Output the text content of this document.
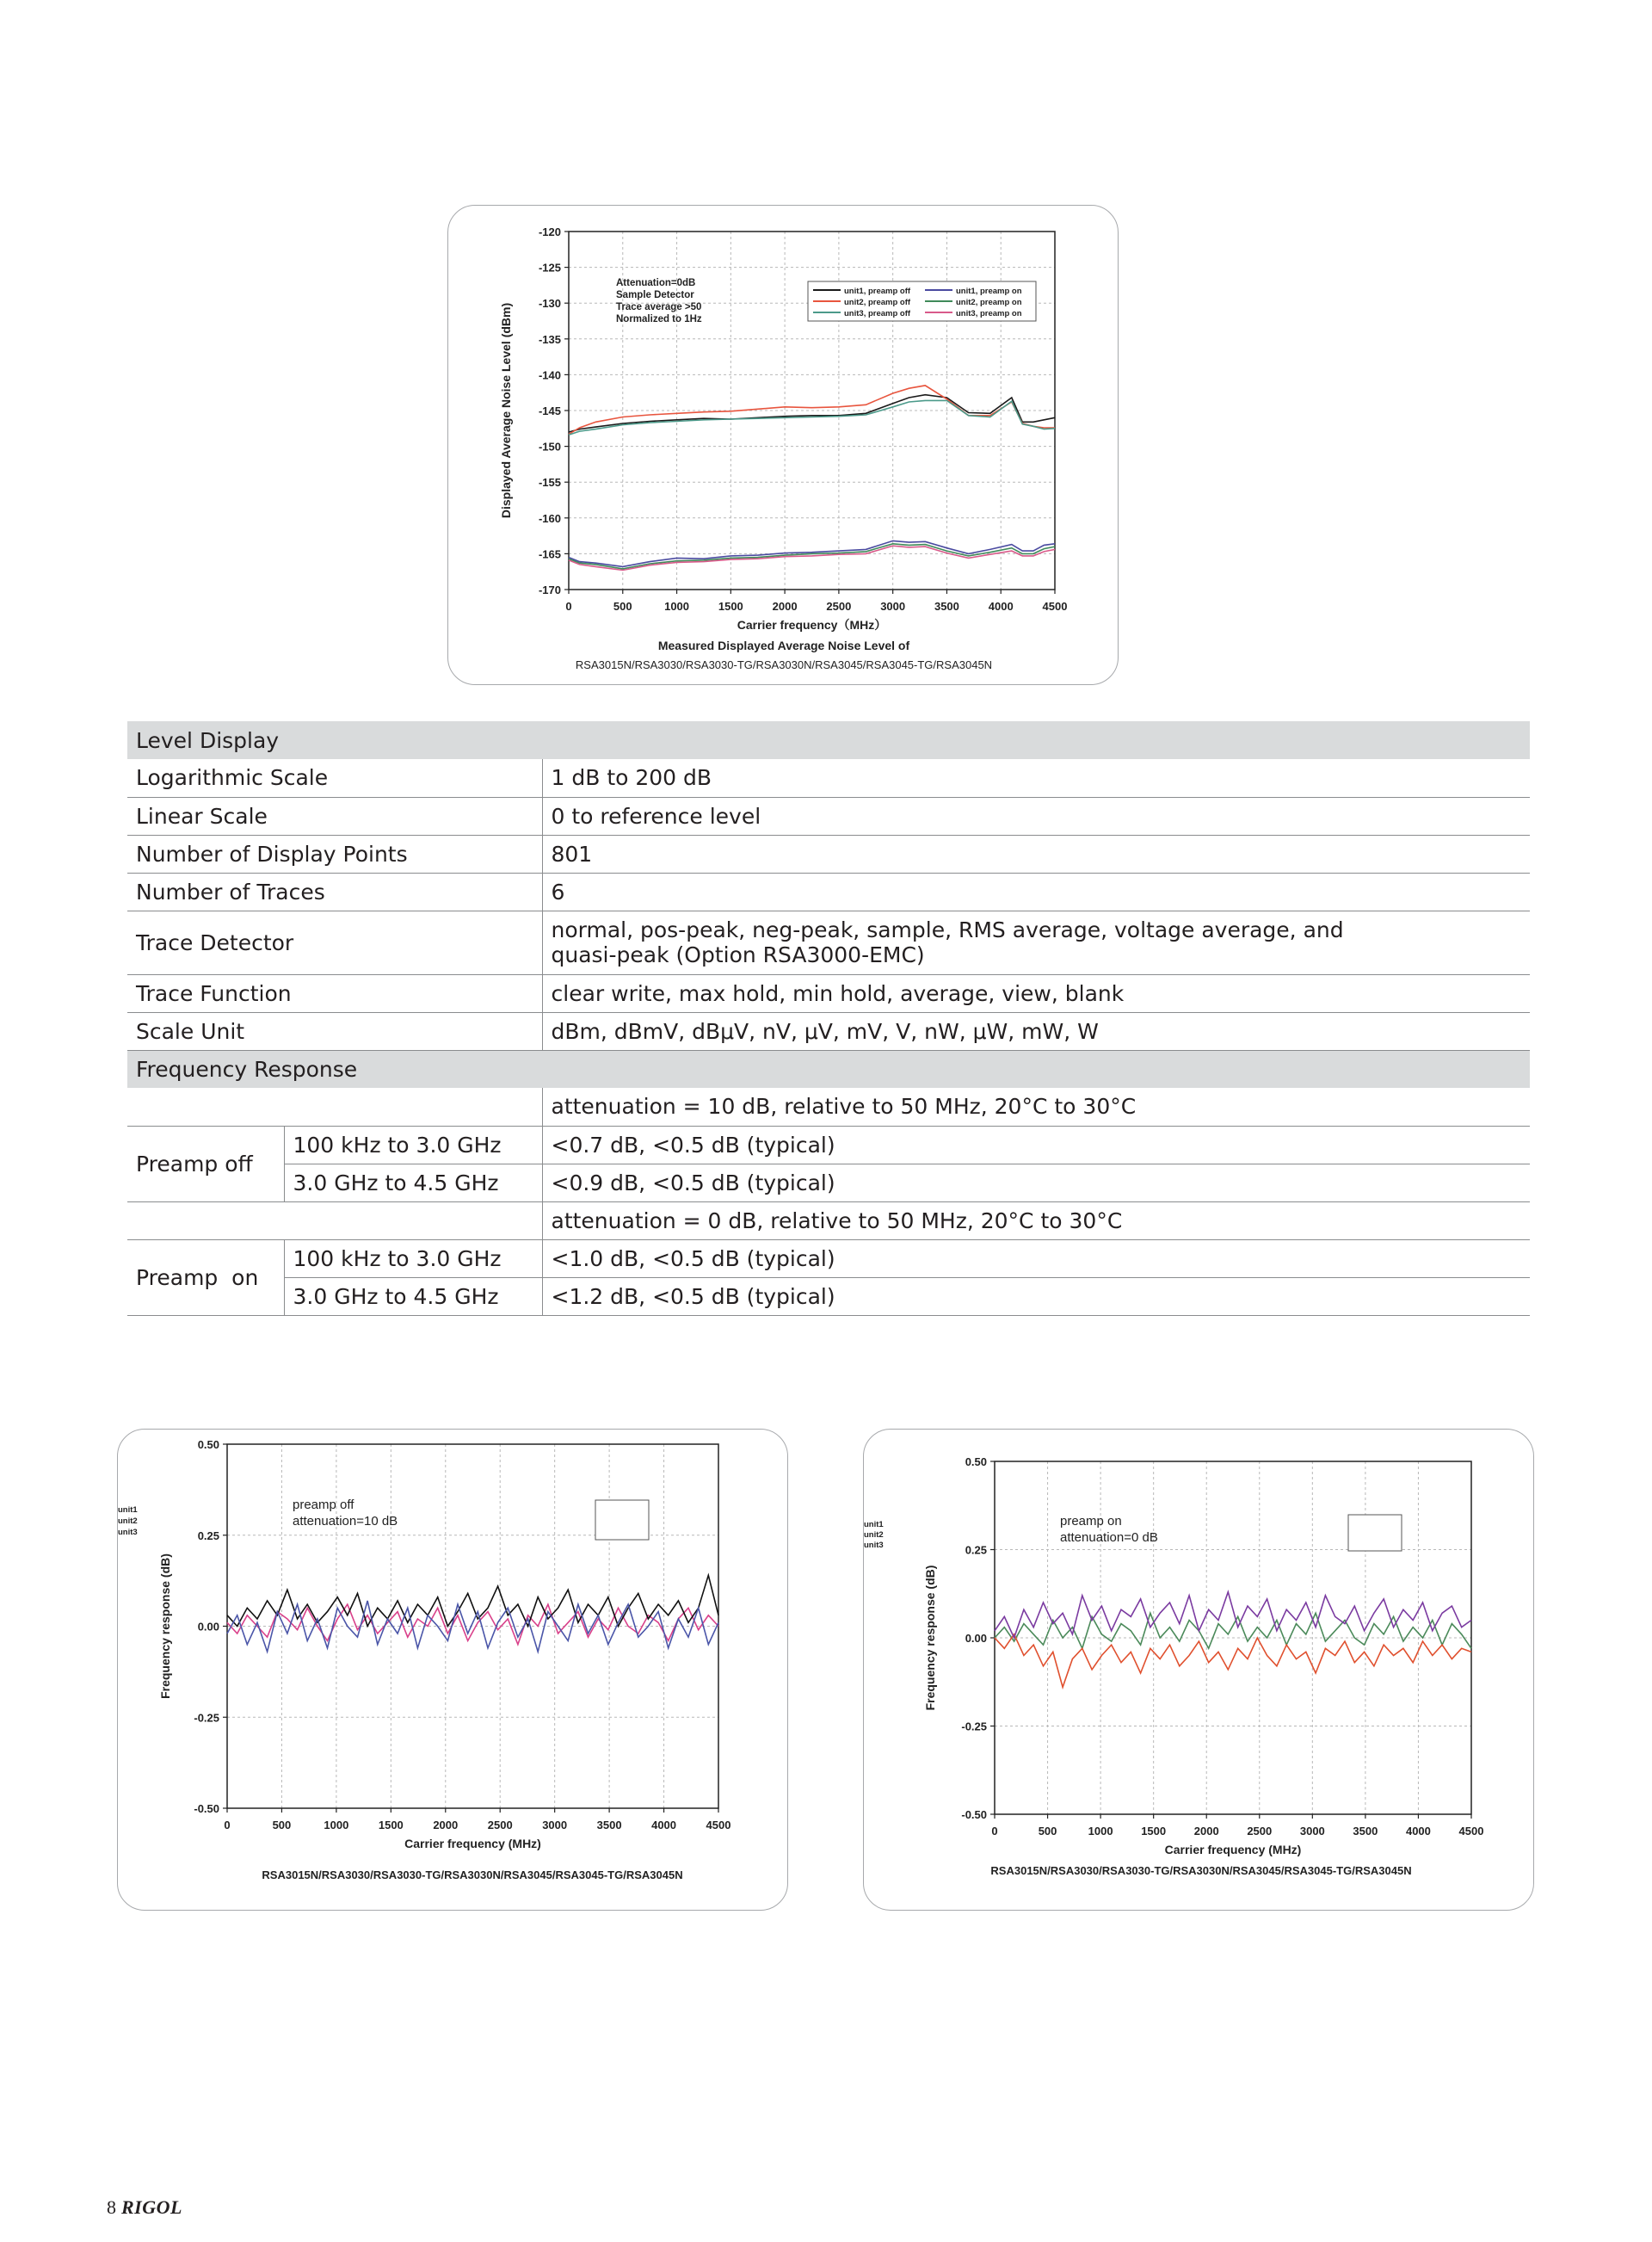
0	500	1000	1500	2000	2500	3000	3500	4000	4500
-120
-125
-130
-135
-140
-145
-150
-155
-160
-165
-170
Displayed Average Noise Level (dBm)
Carrier frequency（MHz）
Attenuation=0dB
Sample Detector
Trace average >50
Normalized to 1Hz
unit1, preamp off
unit2, preamp off
unit3, preamp off
unit1, preamp on
unit2, preamp on
unit3, preamp on
Measured Displayed Average Noise Level of
RSA3015N/RSA3030/RSA3030-TG/RSA3030N/RSA3045/RSA3045-TG/RSA3045N
Level Display		
Logarithmic Scale		1 dB to 200 dB
Linear Scale		0 to reference level
Number of Display Points		801
Number of Traces		6
Trace Detector		normal, pos-peak, neg-peak, sample, RMS average, voltage average, and
quasi-peak (Option RSA3000-EMC)

Trace Function		clear write, max hold, min hold, average, view, blank
Scale Unit		dBm, dBmV, dBμV, nV, μV, mV, V, nW, μW, mW, W
Frequency Response		
		attenuation = 10 dB, relative to 50 MHz, 20°C to 30°C
Preamp off	100 kHz to 3.0 GHz	<0.7 dB, <0.5 dB (typical)
	3.0 GHz to 4.5 GHz	<0.9 dB, <0.5 dB (typical)
		attenuation = 0 dB, relative to 50 MHz, 20°C to 30°C
Preamp  on	100 kHz to 3.0 GHz	<1.0 dB, <0.5 dB (typical)
	3.0 GHz to 4.5 GHz	<1.2 dB, <0.5 dB (typical)
0	500	1000	1500	2000	2500	3000	3500	4000	4500
0.50
0.25
0.00
-0.25
-0.50
Frequency response (dB)
Carrier frequency (MHz)
preamp off
attenuation=10 dB
unit1
unit2
unit3
RSA3015N/RSA3030/RSA3030-TG/RSA3030N/RSA3045/RSA3045-TG/RSA3045N
0	500	1000	1500	2000	2500	3000	3500	4000	4500
0.50
0.25
0.00
-0.25
-0.50
Frequency response (dB)
Carrier frequency (MHz)
preamp on
attenuation=0 dB
unit1
unit2
unit3
RSA3015N/RSA3030/RSA3030-TG/RSA3030N/RSA3045/RSA3045-TG/RSA3045N
8 RIGOL
